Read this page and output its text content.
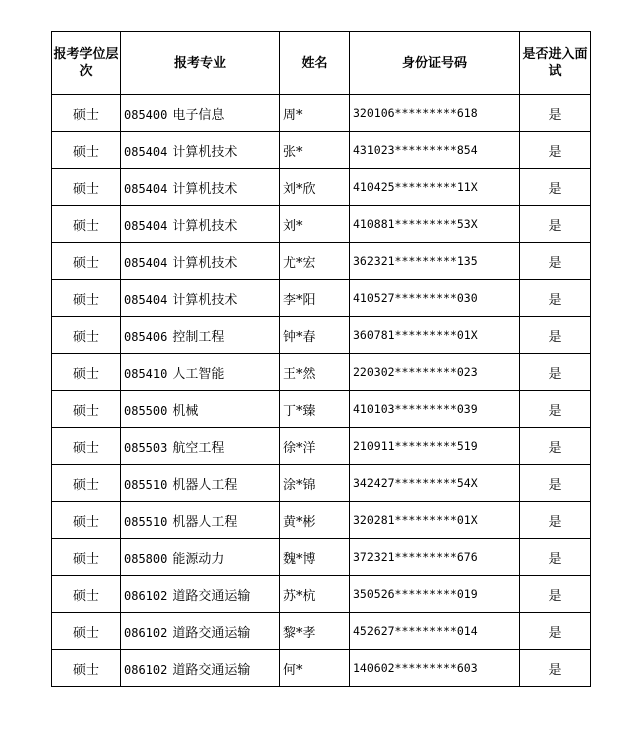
报考学位层次	报考专业	姓名	身份证号码	是否进入面试
硕士	085400 电子信息	周*	320106*********618	是
硕士	085404 计算机技术	张*	431023*********854	是
硕士	085404 计算机技术	刘*欣	410425*********11X	是
硕士	085404 计算机技术	刘*	410881*********53X	是
硕士	085404 计算机技术	尤*宏	362321*********135	是
硕士	085404 计算机技术	李*阳	410527*********030	是
硕士	085406 控制工程	钟*春	360781*********01X	是
硕士	085410 人工智能	王*然	220302*********023	是
硕士	085500 机械	丁*臻	410103*********039	是
硕士	085503 航空工程	徐*洋	210911*********519	是
硕士	085510 机器人工程	涂*锦	342427*********54X	是
硕士	085510 机器人工程	黄*彬	320281*********01X	是
硕士	085800 能源动力	魏*博	372321*********676	是
硕士	086102 道路交通运输	苏*杭	350526*********019	是
硕士	086102 道路交通运输	黎*孝	452627*********014	是
硕士	086102 道路交通运输	何*	140602*********603	是
